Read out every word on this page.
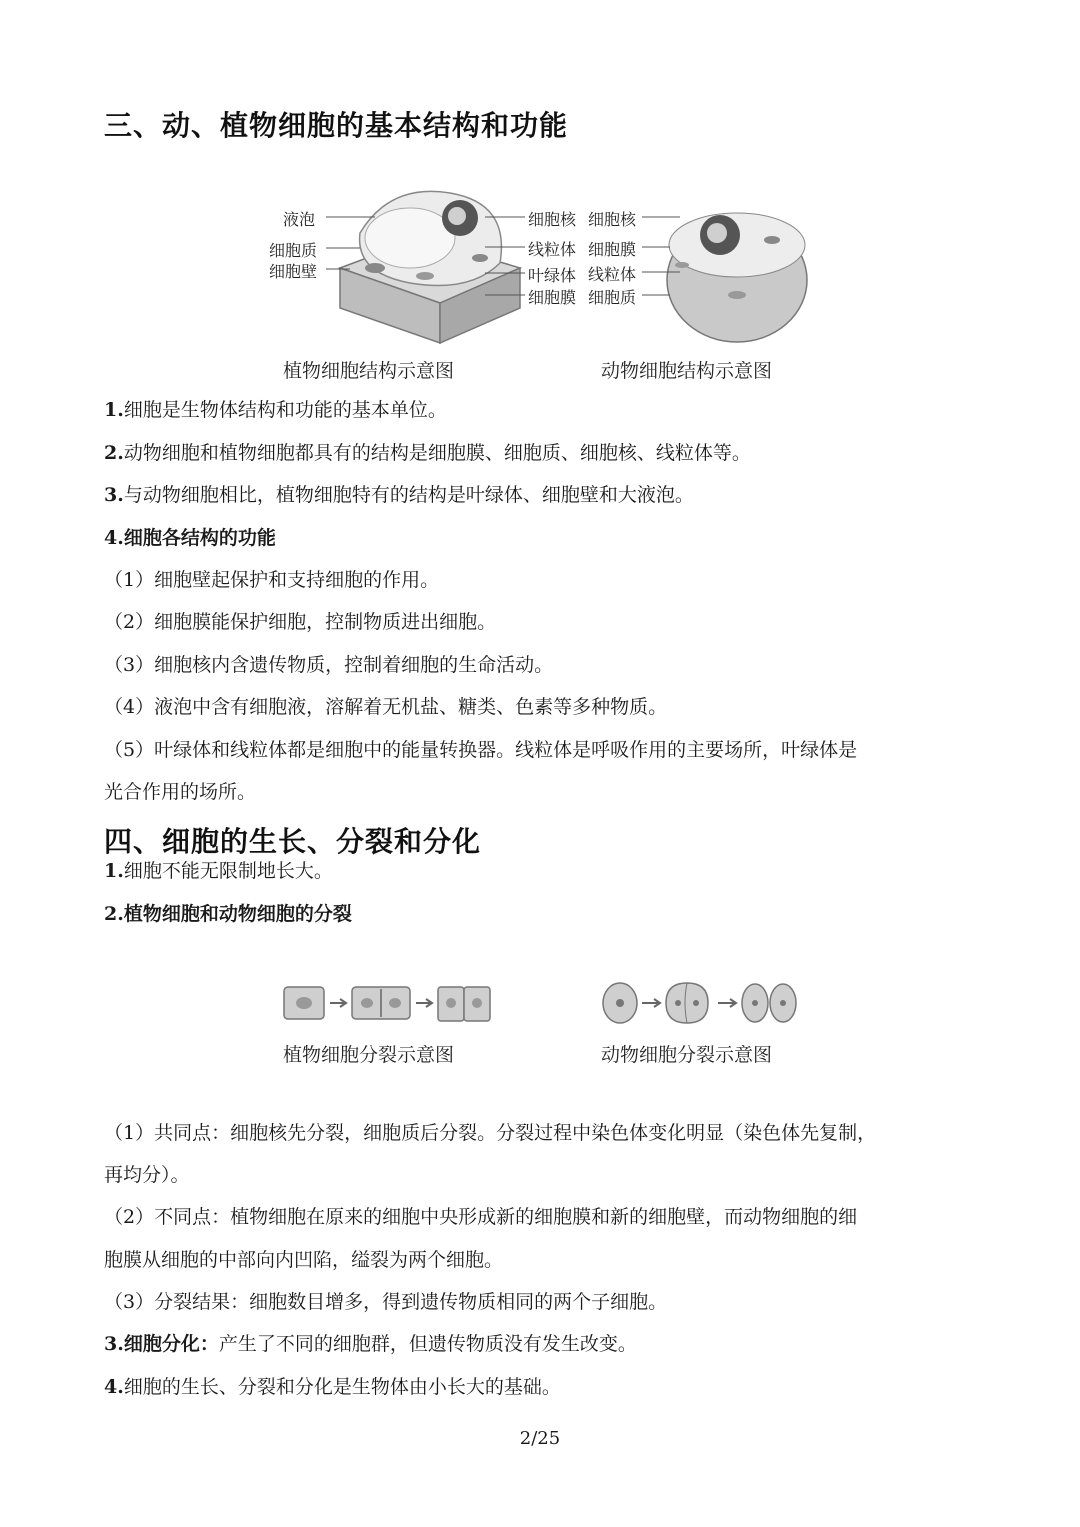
三、动、植物细胞的基本结构和功能
液泡
细胞质
细胞壁
细胞核
线粒体
叶绿体
细胞膜
植物细胞结构示意图
细胞核
细胞膜
线粒体
细胞质
动物细胞结构示意图
1.细胞是生物体结构和功能的基本单位。
2.动物细胞和植物细胞都具有的结构是细胞膜、细胞质、细胞核、线粒体等。
3.与动物细胞相比，植物细胞特有的结构是叶绿体、细胞壁和大液泡。
4.细胞各结构的功能
（1）细胞壁起保护和支持细胞的作用。
（2）细胞膜能保护细胞，控制物质进出细胞。
（3）细胞核内含遗传物质，控制着细胞的生命活动。
（4）液泡中含有细胞液，溶解着无机盐、糖类、色素等多种物质。
（5）叶绿体和线粒体都是细胞中的能量转换器。线粒体是呼吸作用的主要场所，叶绿体是
光合作用的场所。
四、细胞的生长、分裂和分化
1.细胞不能无限制地长大。
2.植物细胞和动物细胞的分裂
植物细胞分裂示意图	动物细胞分裂示意图
（1）共同点：细胞核先分裂，细胞质后分裂。分裂过程中染色体变化明显（染色体先复制，
再均分）。
（2）不同点：植物细胞在原来的细胞中央形成新的细胞膜和新的细胞壁，而动物细胞的细
胞膜从细胞的中部向内凹陷，缢裂为两个细胞。
（3）分裂结果：细胞数目增多，得到遗传物质相同的两个子细胞。
3.细胞分化：产生了不同的细胞群，但遗传物质没有发生改变。
4.细胞的生长、分裂和分化是生物体由小长大的基础。
2/25
